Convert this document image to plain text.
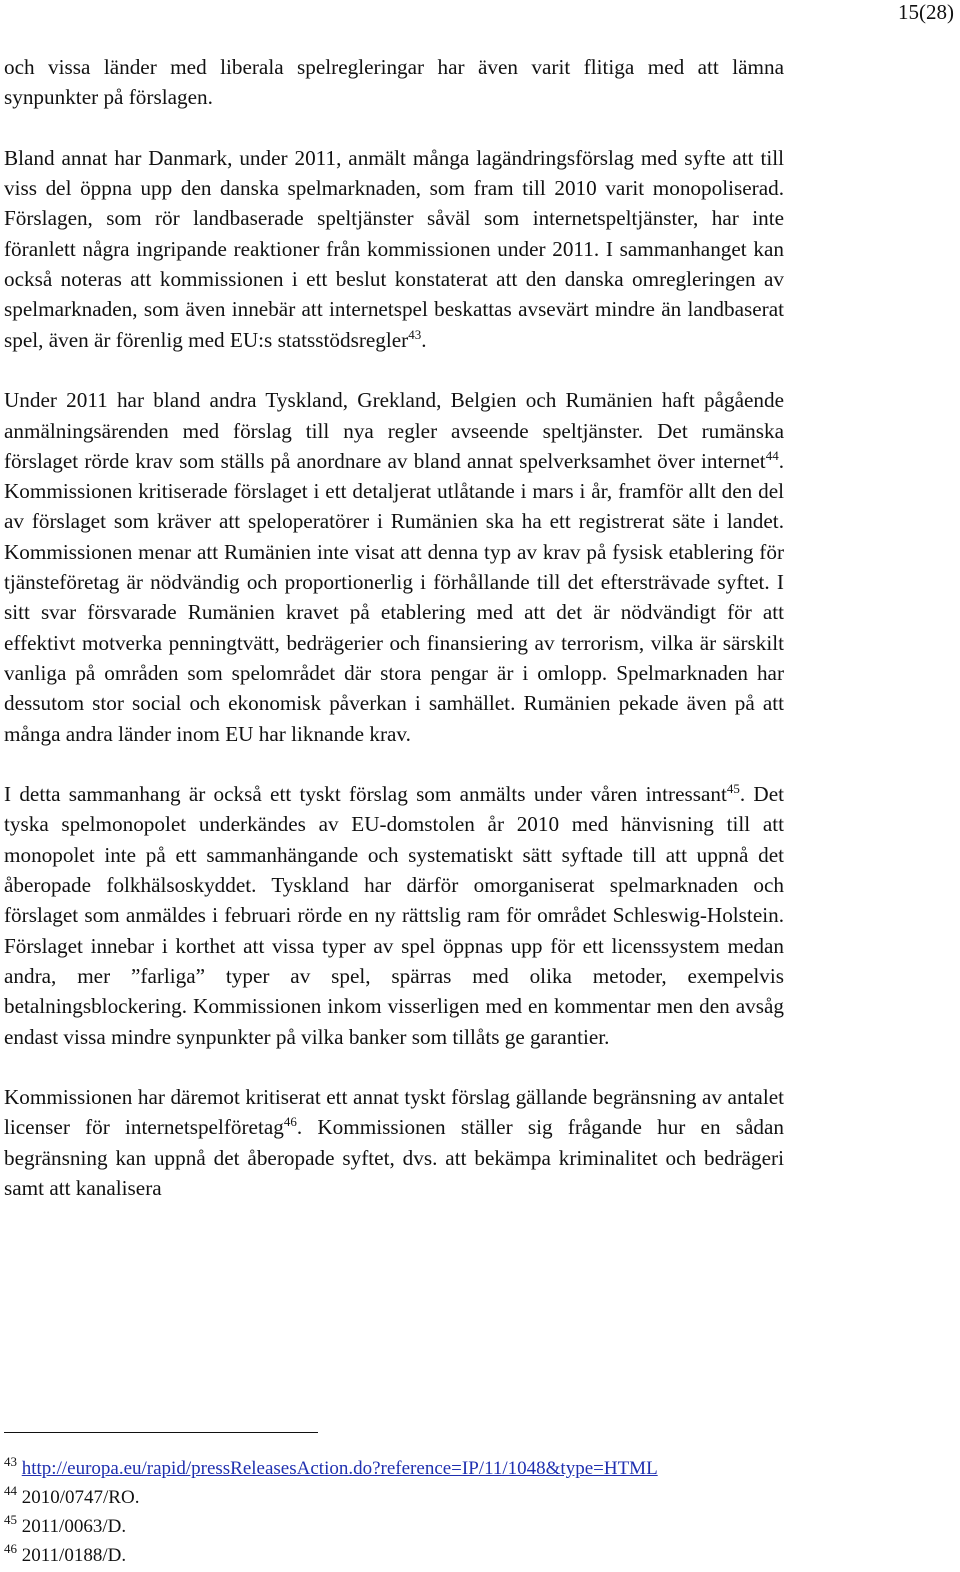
15(28)

och vissa länder med liberala spelregleringar har även varit flitiga med att lämna synpunkter på förslagen.

Bland annat har Danmark, under 2011, anmält många lagändringsförslag med syfte att till viss del öppna upp den danska spelmarknaden, som fram till 2010 varit monopoliserad. Förslagen, som rör landbaserade speltjänster såväl som internetspeltjänster, har inte föranlett några ingripande reaktioner från kommissionen under 2011. I sammanhanget kan också noteras att kommissionen i ett beslut konstaterat att den danska omregleringen av spelmarknaden, som även innebär att internetspel beskattas avsevärt mindre än landbaserat spel, även är förenlig med EU:s statsstödsregler$^{43}$.

Under 2011 har bland andra Tyskland, Grekland, Belgien och Rumänien haft pågående anmälningsärenden med förslag till nya regler avseende speltjänster. Det rumänska förslaget rörde krav som ställs på anordnare av bland annat spelverksamhet över internet$^{44}$. Kommissionen kritiserade förslaget i ett detaljerat utlåtande i mars i år, framför allt den del av förslaget som kräver att speloperatörer i Rumänien ska ha ett registrerat säte i landet. Kommissionen menar att Rumänien inte visat att denna typ av krav på fysisk etablering för tjänsteföretag är nödvändig och proportionerlig i förhållande till det eftersträvade syftet. I sitt svar försvarade Rumänien kravet på etablering med att det är nödvändigt för att effektivt motverka penningtvätt, bedrägerier och finansiering av terrorism, vilka är särskilt vanliga på områden som spelområdet där stora pengar är i omlopp. Spelmarknaden har dessutom stor social och ekonomisk påverkan i samhället. Rumänien pekade även på att många andra länder inom EU har liknande krav.

I detta sammanhang är också ett tyskt förslag som anmälts under våren intressant$^{45}$. Det tyska spelmonopolet underkändes av EU-domstolen år 2010 med hänvisning till att monopolet inte på ett sammanhängande och systematiskt sätt syftade till att uppnå det åberopade folkhälsoskyddet. Tyskland har därför omorganiserat spelmarknaden och förslaget som anmäldes i februari rörde en ny rättslig ram för området Schleswig-Holstein. Förslaget innebar i korthet att vissa typer av spel öppnas upp för ett licenssystem medan andra, mer ”farliga” typer av spel, spärras med olika metoder, exempelvis betalningsblockering. Kommissionen inkom visserligen med en kommentar men den avsåg endast vissa mindre synpunkter på vilka banker som tillåts ge garantier.

Kommissionen har däremot kritiserat ett annat tyskt förslag gällande begränsning av antalet licenser för internetspelföretag$^{46}$. Kommissionen ställer sig frågande hur en sådan begränsning kan uppnå det åberopade syftet, dvs. att bekämpa kriminalitet och bedrägeri samt att kanalisera

$^{43}$ http://europa.eu/rapid/pressReleasesAction.do?reference=IP/11/1048&type=HTML
$^{44}$ 2010/0747/RO.
$^{45}$ 2011/0063/D.
$^{46}$ 2011/0188/D.
